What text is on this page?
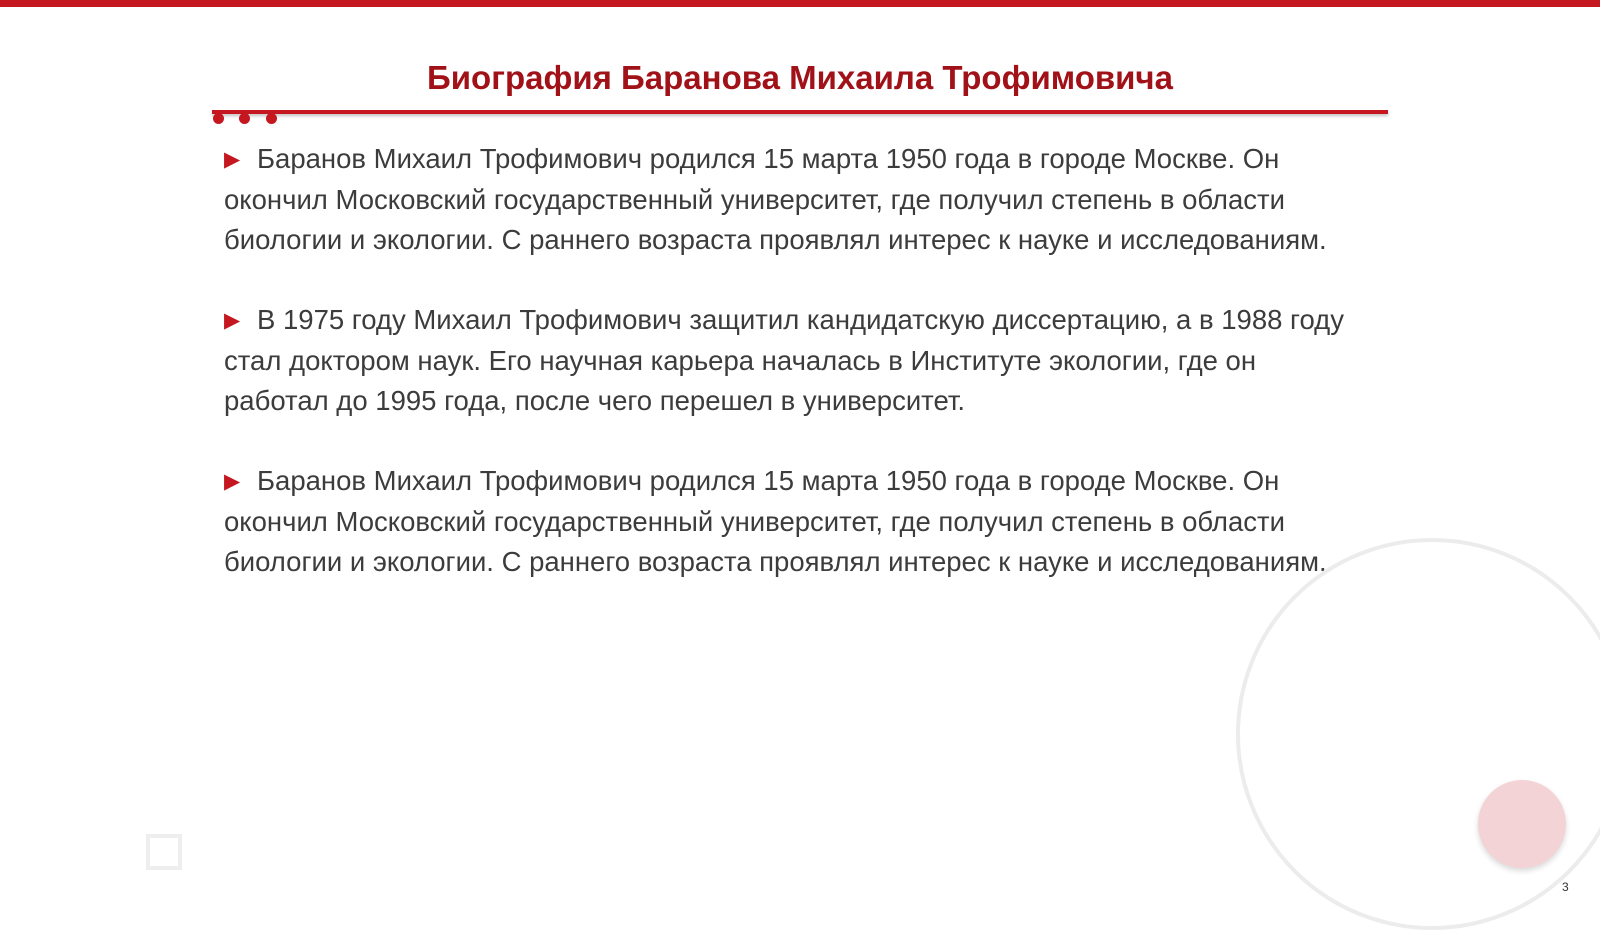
Биография Баранова Михаила Трофимовича

▶ Баранов Михаил Трофимович родился 15 марта 1950 года в городе Москве. Он окончил Московский государственный университет, где получил степень в области биологии и экологии. С раннего возраста проявлял интерес к науке и исследованиям.

▶ В 1975 году Михаил Трофимович защитил кандидатскую диссертацию, а в 1988 году стал доктором наук. Его научная карьера началась в Институте экологии, где он работал до 1995 года, после чего перешел в университет.

▶ Баранов Михаил Трофимович родился 15 марта 1950 года в городе Москве. Он окончил Московский государственный университет, где получил степень в области биологии и экологии. С раннего возраста проявлял интерес к науке и исследованиям.

3
